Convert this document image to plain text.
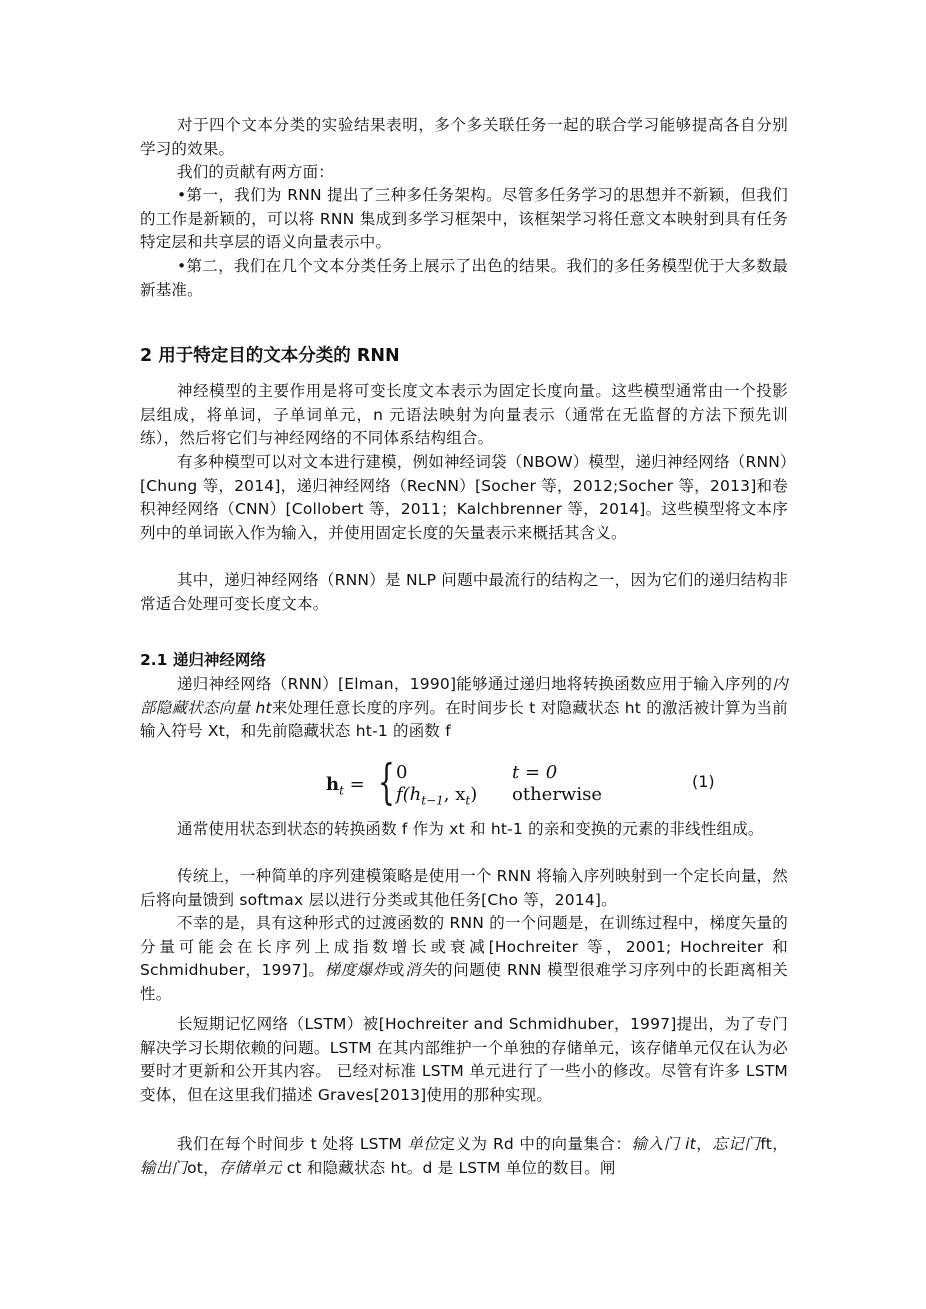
对于四个文本分类的实验结果表明，多个多关联任务一起的联合学习能够提高各自分别学习的效果。

我们的贡献有两方面：

•第一，我们为 RNN 提出了三种多任务架构。尽管多任务学习的思想并不新颖，但我们的工作是新颖的，可以将 RNN 集成到多学习框架中，该框架学习将任意文本映射到具有任务特定层和共享层的语义向量表示中。

•第二，我们在几个文本分类任务上展示了出色的结果。我们的多任务模型优于大多数最新基准。

2 用于特定目的文本分类的 RNN

神经模型的主要作用是将可变长度文本表示为固定长度向量。这些模型通常由一个投影层组成，将单词，子单词单元，n 元语法映射为向量表示（通常在无监督的方法下预先训练），然后将它们与神经网络的不同体系结构组合。

有多种模型可以对文本进行建模，例如神经词袋（NBOW）模型，递归神经网络（RNN）[Chung 等，2014]，递归神经网络（RecNN）[Socher 等，2012;Socher 等，2013]和卷积神经网络（CNN）[Collobert 等，2011；Kalchbrenner 等，2014]。这些模型将文本序列中的单词嵌入作为输入，并使用固定长度的矢量表示来概括其含义。

其中，递归神经网络（RNN）是 NLP 问题中最流行的结构之一，因为它们的递归结构非常适合处理可变长度文本。

2.1 递归神经网络

递归神经网络（RNN）[Elman，1990]能够通过递归地将转换函数应用于输入序列的内部隐藏状态向量 ht来处理任意长度的序列。在时间步长 t 对隐藏状态 ht 的激活被计算为当前输入符号 Xt，和先前隐藏状态 ht-1 的函数 f

$h_t$ = { 0
$f(h_{t-1}$, $x_t$)
t = 0
otherwise
(1)

通常使用状态到状态的转换函数 f 作为 xt 和 ht-1 的亲和变换的元素的非线性组成。

传统上，一种简单的序列建模策略是使用一个 RNN 将输入序列映射到一个定长向量，然后将向量馈到 softmax 层以进行分类或其他任务[Cho 等，2014]。

不幸的是，具有这种形式的过渡函数的 RNN 的一个问题是，在训练过程中，梯度矢量的分量可能会在长序列上成指数增长或衰减[Hochreiter 等，2001; Hochreiter 和 Schmidhuber，1997]。梯度爆炸或消失的问题使 RNN 模型很难学习序列中的长距离相关性。

长短期记忆网络（LSTM）被[Hochreiter and Schmidhuber，1997]提出，为了专门解决学习长期依赖的问题。LSTM 在其内部维护一个单独的存储单元，该存储单元仅在认为必要时才更新和公开其内容。 已经对标准 LSTM 单元进行了一些小的修改。尽管有许多 LSTM 变体，但在这里我们描述 Graves[2013]使用的那种实现。

我们在每个时间步 t 处将 LSTM 单位定义为 Rd 中的向量集合：输入门 it，忘记门ft，输出门ot，存储单元 ct 和隐藏状态 ht。d 是 LSTM 单位的数目。闸
